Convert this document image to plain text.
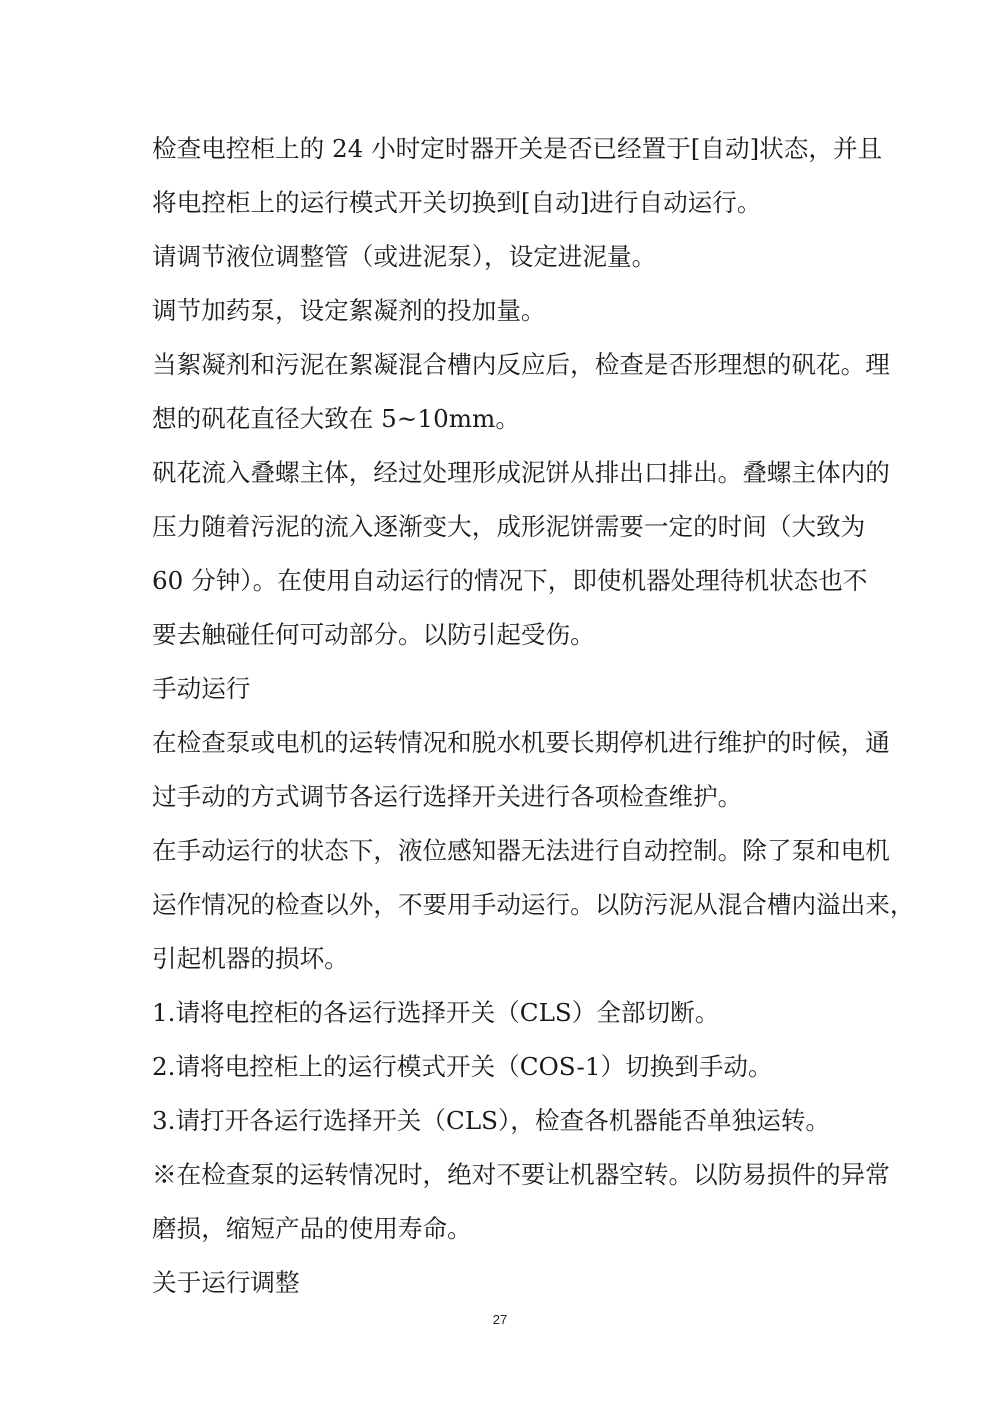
检查电控柜上的 24 小时定时器开关是否已经置于[自动]状态，并且
将电控柜上的运行模式开关切换到[自动]进行自动运行。
请调节液位调整管（或进泥泵），设定进泥量。
调节加药泵，设定絮凝剂的投加量。
当絮凝剂和污泥在絮凝混合槽内反应后，检查是否形理想的矾花。理
想的矾花直径大致在 5~10mm。
矾花流入叠螺主体，经过处理形成泥饼从排出口排出。叠螺主体内的
压力随着污泥的流入逐渐变大，成形泥饼需要一定的时间（大致为
60 分钟）。在使用自动运行的情况下，即使机器处理待机状态也不
要去触碰任何可动部分。以防引起受伤。
手动运行
在检查泵或电机的运转情况和脱水机要长期停机进行维护的时候，通
过手动的方式调节各运行选择开关进行各项检查维护。
在手动运行的状态下，液位感知器无法进行自动控制。除了泵和电机
运作情况的检查以外，不要用手动运行。以防污泥从混合槽内溢出来，
引起机器的损坏。
1.请将电控柜的各运行选择开关（CLS）全部切断。
2.请将电控柜上的运行模式开关（COS-1）切换到手动。
3.请打开各运行选择开关（CLS），检查各机器能否单独运转。
※在检查泵的运转情况时，绝对不要让机器空转。以防易损件的异常
磨损，缩短产品的使用寿命。
关于运行调整
27
